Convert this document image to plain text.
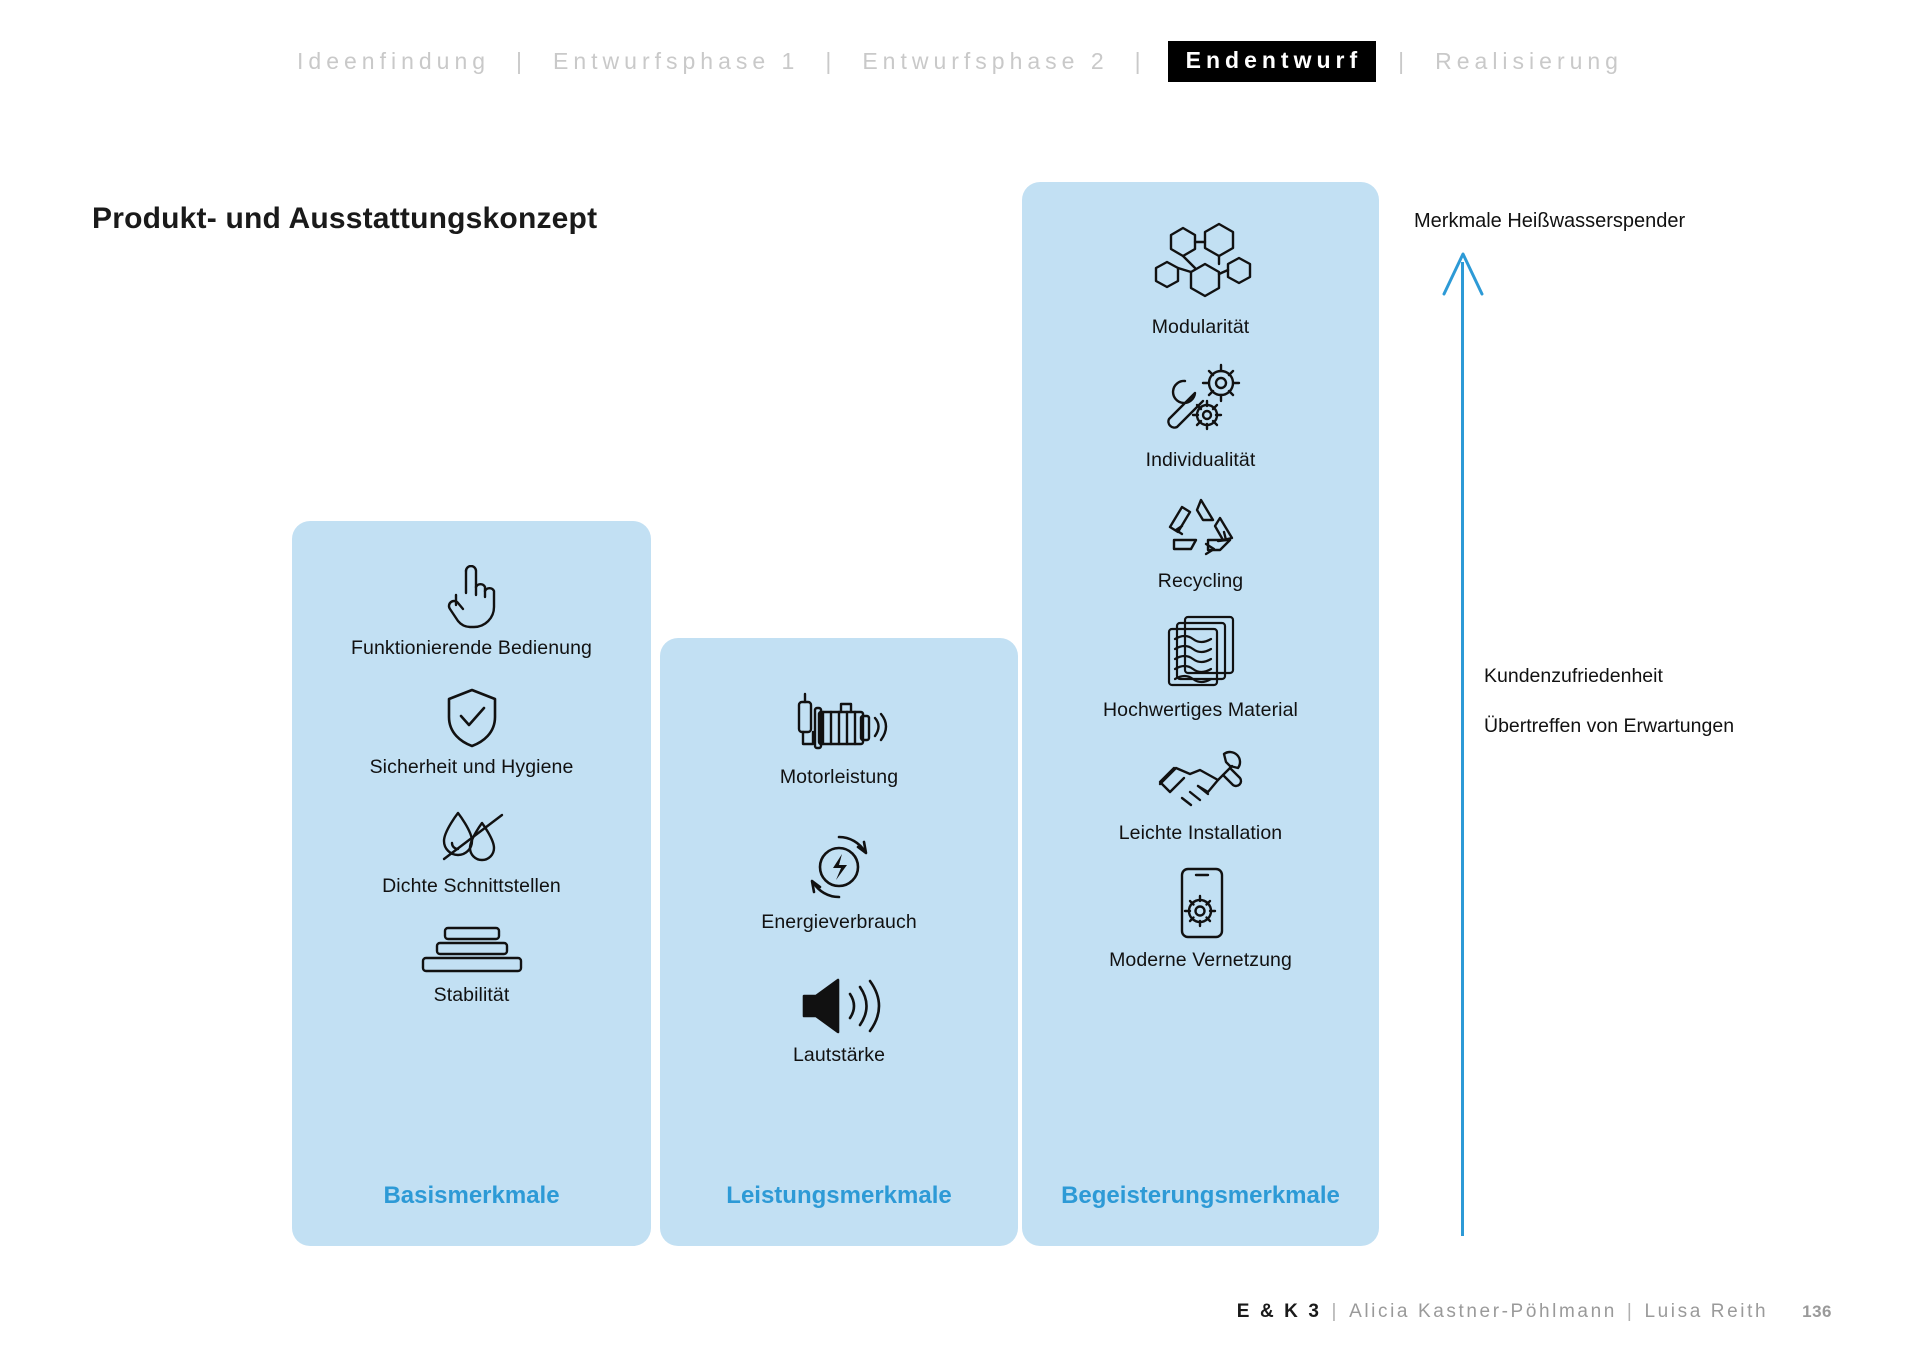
Ideenfindung	|	Entwurfsphase 1	|	Entwurfsphase 2	|	Endentwurf	|	Realisierung
Produkt- und Ausstattungskonzept
Funktionierende Bedienung
Sicherheit und Hygiene
Dichte Schnittstellen
Stabilität
Basismerkmale
Motorleistung
Energieverbrauch
Lautstärke
Leistungsmerkmale
Modularität
Individualität
Recycling
Hochwertiges Material
Leichte Installation
Moderne Vernetzung
Begeisterungsmerkmale
Merkmale Heißwasserspender
Kundenzufriedenheit
Übertreffen von Erwartungen
E & K 3 | Alicia Kastner-Pöhlmann | Luisa Reith 136
